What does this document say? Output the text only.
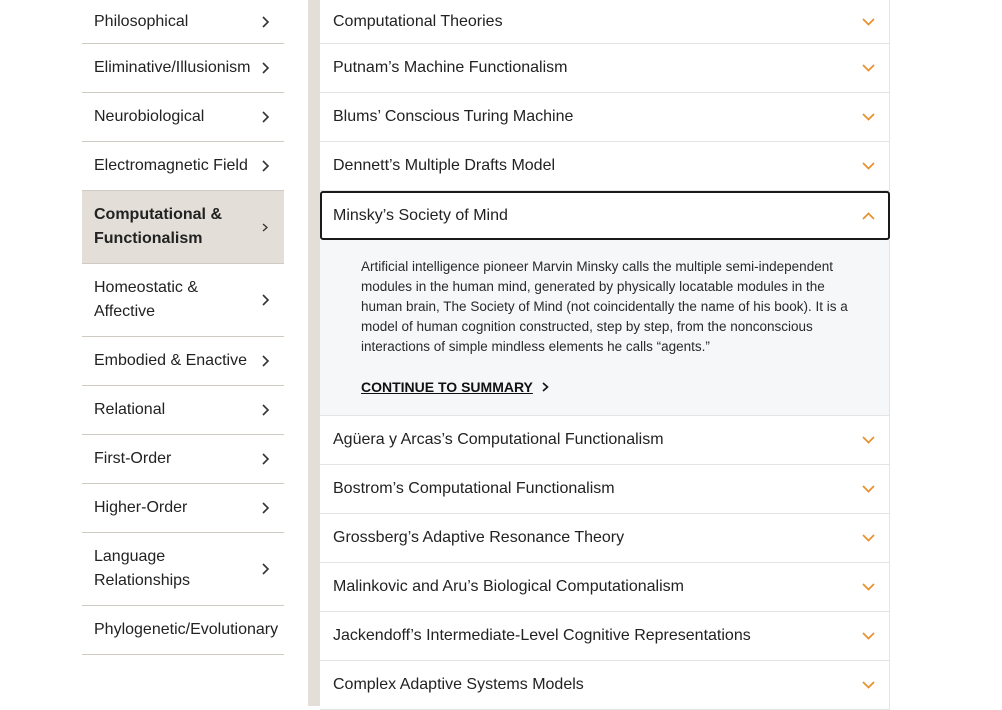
Philosophical
Eliminative/Illusionism
Neurobiological
Electromagnetic Field
Computational & Functionalism
Homeostatic & Affective
Embodied & Enactive
Relational
First-Order
Higher-Order
Language Relationships
Phylogenetic/Evolutionary
Computational Theories
Putnam’s Machine Functionalism
Blums’ Conscious Turing Machine
Dennett’s Multiple Drafts Model
Minsky’s Society of Mind

Artificial intelligence pioneer Marvin Minsky calls the multiple semi-independent modules in the human mind, generated by physically locatable modules in the human brain, The Society of Mind (not coincidentally the name of his book). It is a model of human cognition constructed, step by step, from the nonconscious interactions of simple mindless elements he calls “agents.”

CONTINUE TO SUMMARY
Agüera y Arcas’s Computational Functionalism
Bostrom’s Computational Functionalism
Grossberg’s Adaptive Resonance Theory
Malinkovic and Aru’s Biological Computationalism
Jackendoff’s Intermediate-Level Cognitive Representations
Complex Adaptive Systems Models
